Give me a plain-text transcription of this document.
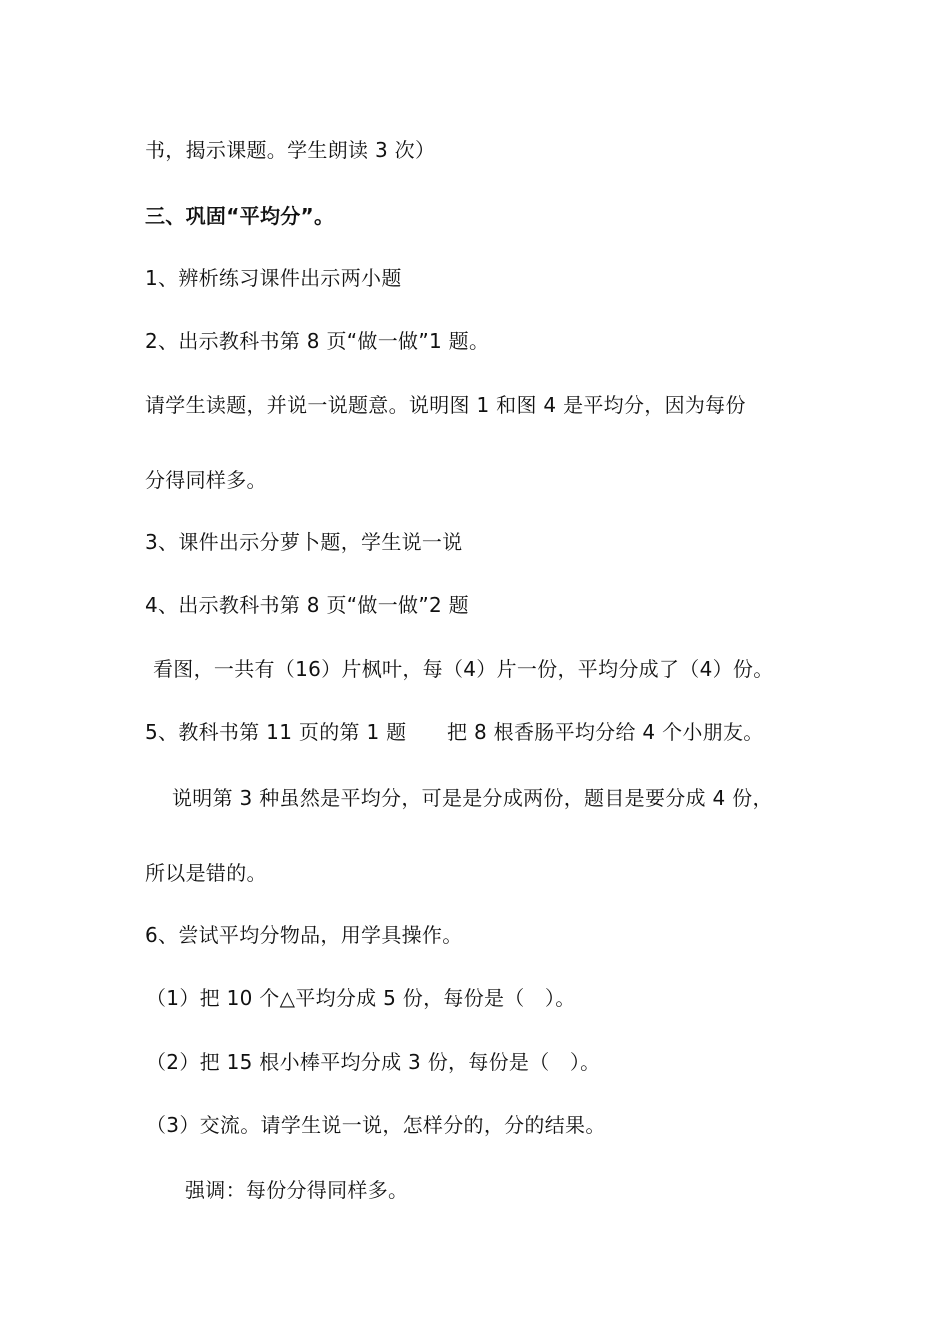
书，揭示课题。学生朗读 3 次）
三、巩固“平均分”。
1、辨析练习课件出示两小题
2、出示教科书第 8 页“做一做”1 题。
请学生读题，并说一说题意。说明图 1 和图 4 是平均分，因为每份
分得同样多。
3、课件出示分萝卜题，学生说一说
4、出示教科书第 8 页“做一做”2 题
看图，一共有（16）片枫叶，每（4）片一份，平均分成了（4）份。
5、教科书第 11 页的第 1 题　　把 8 根香肠平均分给 4 个小朋友。
说明第 3 种虽然是平均分，可是是分成两份，题目是要分成 4 份，
所以是错的。
6、尝试平均分物品，用学具操作。
（1）把 10 个△平均分成 5 份，每份是（　）。
（2）把 15 根小棒平均分成 3 份，每份是（　）。
（3）交流。请学生说一说，怎样分的，分的结果。
强调：每份分得同样多。
